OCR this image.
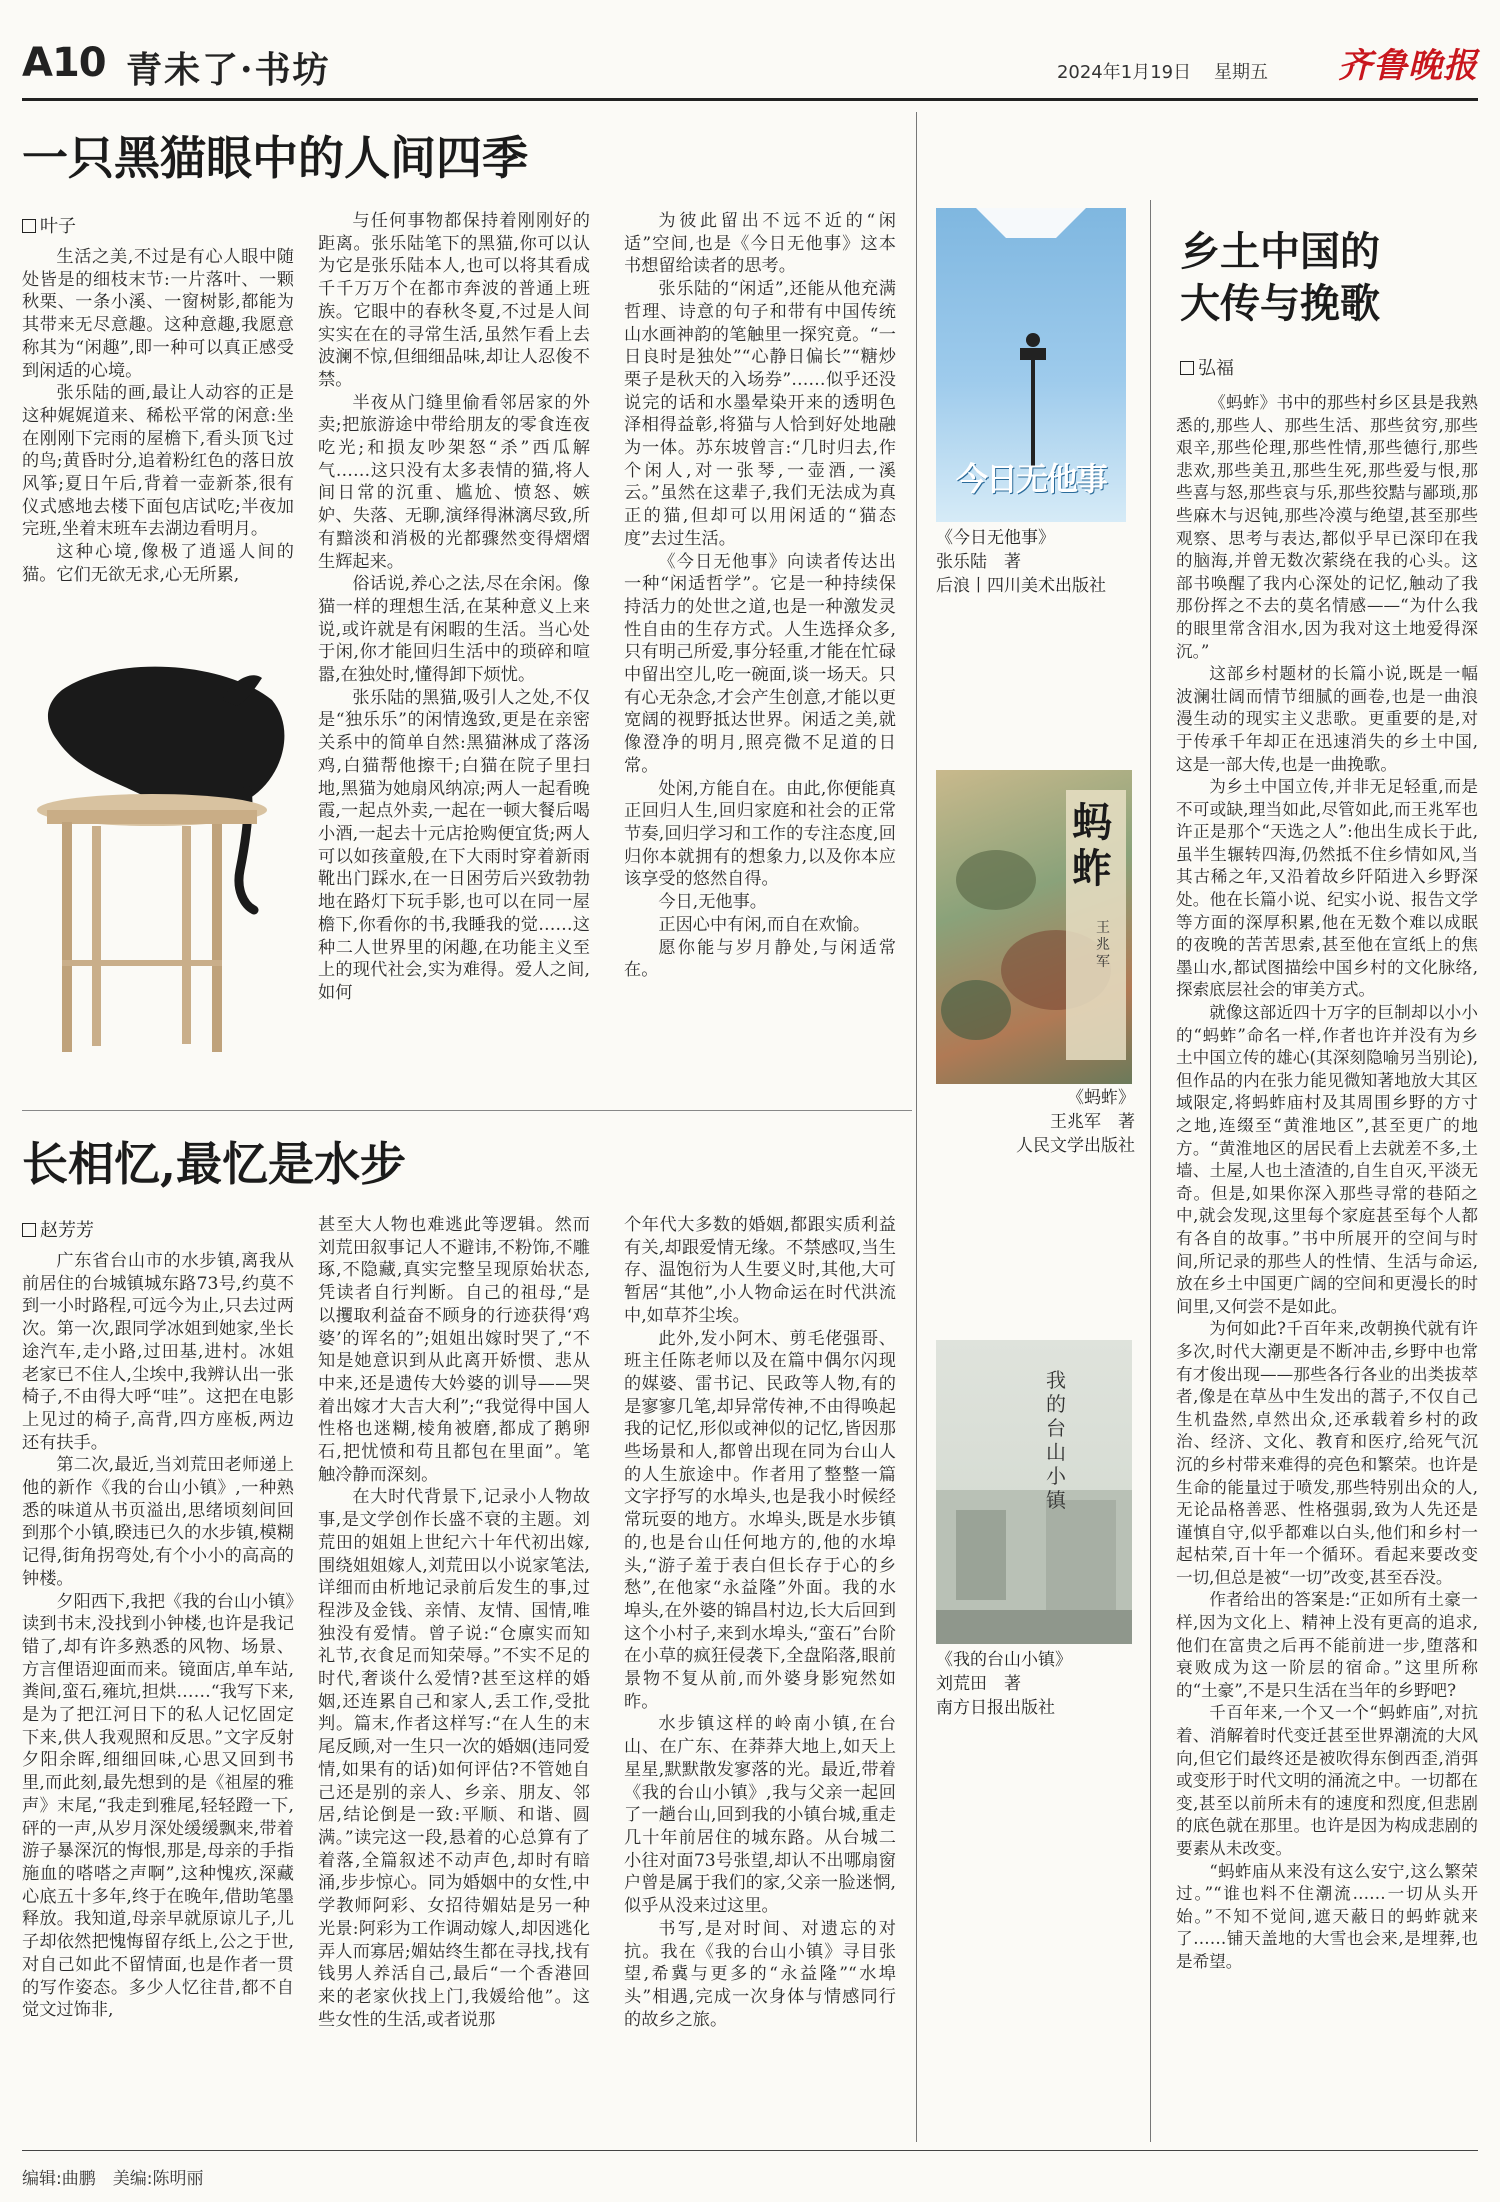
A10 青未了·书坊	2024年1月19日 星期五 齐鲁晚报
一只黑猫眼中的人间四季
叶子

生活之美,不过是有心人眼中随处皆是的细枝末节:一片落叶、一颗秋栗、一条小溪、一窗树影,都能为其带来无尽意趣。这种意趣,我愿意称其为“闲趣”,即一种可以真正感受到闲适的心境。

张乐陆的画,最让人动容的正是这种娓娓道来、稀松平常的闲意:坐在刚刚下完雨的屋檐下,看头顶飞过的鸟;黄昏时分,追着粉红色的落日放风筝;夏日午后,背着一壶新茶,很有仪式感地去楼下面包店试吃;半夜加完班,坐着末班车去湖边看明月。

这种心境,像极了逍遥人间的猫。它们无欲无求,心无所累,

与任何事物都保持着刚刚好的距离。张乐陆笔下的黑猫,你可以认为它是张乐陆本人,也可以将其看成千千万万个在都市奔波的普通上班族。它眼中的春秋冬夏,不过是人间实实在在的寻常生活,虽然乍看上去波澜不惊,但细细品味,却让人忍俊不禁。

半夜从门缝里偷看邻居家的外卖;把旅游途中带给朋友的零食连夜吃光;和损友吵架怒“杀”西瓜解气……这只没有太多表情的猫,将人间日常的沉重、尴尬、愤怒、嫉妒、失落、无聊,演绎得淋漓尽致,所有黯淡和消极的光都骤然变得熠熠生辉起来。

俗话说,养心之法,尽在余闲。像猫一样的理想生活,在某种意义上来说,或许就是有闲暇的生活。当心处于闲,你才能回归生活中的琐碎和喧嚣,在独处时,懂得卸下烦忧。

张乐陆的黑猫,吸引人之处,不仅是“独乐乐”的闲情逸致,更是在亲密关系中的简单自然:黑猫淋成了落汤鸡,白猫帮他擦干;白猫在院子里扫地,黑猫为她扇风纳凉;两人一起看晚霞,一起点外卖,一起在一顿大餐后喝小酒,一起去十元店抢购便宜货;两人可以如孩童般,在下大雨时穿着新雨靴出门踩水,在一日困劳后兴致勃勃地在路灯下玩手影,也可以在同一屋檐下,你看你的书,我睡我的觉……这种二人世界里的闲趣,在功能主义至上的现代社会,实为难得。爱人之间,如何

为彼此留出不远不近的“闲适”空间,也是《今日无他事》这本书想留给读者的思考。

张乐陆的“闲适”,还能从他充满哲理、诗意的句子和带有中国传统山水画神韵的笔触里一探究竟。“一日良时是独处”“心静日偏长”“糖炒栗子是秋天的入场券”……似乎还没说完的话和水墨晕染开来的透明色泽相得益彰,将猫与人恰到好处地融为一体。苏东坡曾言:“几时归去,作个闲人,对一张琴,一壶酒,一溪云。”虽然在这辈子,我们无法成为真正的猫,但却可以用闲适的“猫态度”去过生活。

《今日无他事》向读者传达出一种“闲适哲学”。它是一种持续保持活力的处世之道,也是一种激发灵性自由的生存方式。人生选择众多,只有明己所爱,事分轻重,才能在忙碌中留出空儿,吃一碗面,谈一场天。只有心无杂念,才会产生创意,才能以更宽阔的视野抵达世界。闲适之美,就像澄净的明月,照亮微不足道的日常。

处闲,方能自在。由此,你便能真正回归人生,回归家庭和社会的正常节奏,回归学习和工作的专注态度,回归你本就拥有的想象力,以及你本应该享受的悠然自得。

今日,无他事。

正因心中有闲,而自在欢愉。

愿你能与岁月静处,与闲适常在。

今日无他事
《今日无他事》
张乐陆　著
后浪丨四川美术出版社
蚂蚱
王兆军
《蚂蚱》
王兆军　著
人民文学出版社
我的台山小镇
《我的台山小镇》
刘荒田　著
南方日报出版社
长相忆,最忆是水步
赵芳芳

广东省台山市的水步镇,离我从前居住的台城镇城东路73号,约莫不到一小时路程,可远今为止,只去过两次。第一次,跟同学冰姐到她家,坐长途汽车,走小路,过田基,进村。冰姐老家已不住人,尘埃中,我辨认出一张椅子,不由得大呼“哇”。这把在电影上见过的椅子,高背,四方座板,两边还有扶手。

第二次,最近,当刘荒田老师递上他的新作《我的台山小镇》,一种熟悉的味道从书页溢出,思绪顷刻间回到那个小镇,睽违已久的水步镇,模糊记得,街角拐弯处,有个小小的高高的钟楼。

夕阳西下,我把《我的台山小镇》读到书末,没找到小钟楼,也许是我记错了,却有许多熟悉的风物、场景、方言俚语迎面而来。镜面店,单车站,粪间,蛮石,雍坑,担烘……“我写下来,是为了把江河日下的私人记忆固定下来,供人我观照和反思。”文字反射夕阳余晖,细细回味,心思又回到书里,而此刻,最先想到的是《祖屋的雅声》末尾,“我走到雅尾,轻轻蹬一下,砰的一声,从岁月深处缓缓飘来,带着游子暴深沉的悔恨,那是,母亲的手指施血的嗒嗒之声啊”,这种愧疚,深藏心底五十多年,终于在晚年,借助笔墨释放。我知道,母亲早就原谅儿子,儿子却依然把愧悔留存纸上,公之于世,对自己如此不留情面,也是作者一贯的写作姿态。多少人忆往昔,都不自觉文过饰非,

甚至大人物也难逃此等逻辑。然而刘荒田叙事记人不避讳,不粉饰,不雕琢,不隐藏,真实完整呈现原始状态,凭读者自行判断。自己的祖母,“是以攫取利益奋不顾身的行迹获得‘鸡婆’的诨名的”;姐姐出嫁时哭了,“不知是她意识到从此离开娇惯、悲从中来,还是遗传大妗婆的训导——哭着出嫁才大吉大利”;“我觉得中国人性格也迷糊,棱角被磨,都成了鹅卵石,把忧愤和苟且都包在里面”。笔触冷静而深刻。

在大时代背景下,记录小人物故事,是文学创作长盛不衰的主题。刘荒田的姐姐上世纪六十年代初出嫁,围绕姐姐嫁人,刘荒田以小说家笔法,详细而由析地记录前后发生的事,过程涉及金钱、亲情、友情、国情,唯独没有爱情。曾子说:“仓廪实而知礼节,衣食足而知荣辱。”不实不足的时代,奢谈什么爱情?甚至这样的婚姻,还连累自己和家人,丢工作,受批判。篇末,作者这样写:“在人生的末尾反顾,对一生只一次的婚姻(违同爱情,如果有的话)如何评估?不管她自己还是别的亲人、乡亲、朋友、邻居,结论倒是一致:平顺、和谐、圆满。”读完这一段,悬着的心总算有了着落,全篇叙述不动声色,却时有暗涌,步步惊心。同为婚姻中的女性,中学教师阿彩、女招待媚姑是另一种光景:阿彩为工作调动嫁人,却因逃化弄人而寡居;媚姑终生都在寻找,找有钱男人养活自己,最后“一个香港回来的老家伙找上门,我媛给他”。这些女性的生活,或者说那

个年代大多数的婚姻,都跟实质利益有关,却跟爱情无缘。不禁感叹,当生存、温饱衍为人生要义时,其他,大可暂居“其他”,小人物命运在时代洪流中,如草芥尘埃。

此外,发小阿木、剪毛佬强哥、班主任陈老师以及在篇中偶尔闪现的媒婆、雷书记、民政等人物,有的是寥寥几笔,却异常传神,不由得唤起我的记忆,形似或神似的记忆,皆因那些场景和人,都曾出现在同为台山人的人生旅途中。作者用了整整一篇文字抒写的水埠头,也是我小时候经常玩耍的地方。水埠头,既是水步镇的,也是台山任何地方的,他的水埠头,“游子羞于表白但长存于心的乡愁”,在他家“永益隆”外面。我的水埠头,在外婆的锦昌村边,长大后回到这个小村子,来到水埠头,“蛮石”台阶在小草的疯狂侵袭下,全盘陷落,眼前景物不复从前,而外婆身影宛然如昨。

水步镇这样的岭南小镇,在台山、在广东、在莽莽大地上,如天上星星,默默散发寥落的光。最近,带着《我的台山小镇》,我与父亲一起回了一趟台山,回到我的小镇台城,重走几十年前居住的城东路。从台城二小往对面73号张望,却认不出哪扇窗户曾是属于我们的家,父亲一脸迷惘,似乎从没来过这里。

书写,是对时间、对遗忘的对抗。我在《我的台山小镇》寻目张望,希冀与更多的“永益隆”“水埠头”相遇,完成一次身体与情感同行的故乡之旅。

乡土中国的
大传与挽歌
弘福

《蚂蚱》书中的那些村乡区县是我熟悉的,那些人、那些生活、那些贫穷,那些艰辛,那些伦理,那些性情,那些德行,那些悲欢,那些美丑,那些生死,那些爱与恨,那些喜与怒,那些哀与乐,那些狡黠与鄙琐,那些麻木与迟钝,那些冷漠与绝望,甚至那些观察、思考与表达,都似乎早已深印在我的脑海,并曾无数次萦绕在我的心头。这部书唤醒了我内心深处的记忆,触动了我那份挥之不去的莫名情感——“为什么我的眼里常含泪水,因为我对这土地爱得深沉。”

这部乡村题材的长篇小说,既是一幅波澜壮阔而情节细腻的画卷,也是一曲浪漫生动的现实主义悲歌。更重要的是,对于传承千年却正在迅速消失的乡土中国,这是一部大传,也是一曲挽歌。

为乡土中国立传,并非无足轻重,而是不可或缺,理当如此,尽管如此,而王兆军也许正是那个“天选之人”:他出生成长于此,虽半生辗转四海,仍然抵不住乡情如风,当其古稀之年,又沿着故乡阡陌进入乡野深处。他在长篇小说、纪实小说、报告文学等方面的深厚积累,他在无数个难以成眠的夜晚的苦苦思索,甚至他在宣纸上的焦墨山水,都试图描绘中国乡村的文化脉络,探索底层社会的审美方式。

就像这部近四十万字的巨制却以小小的“蚂蚱”命名一样,作者也许并没有为乡土中国立传的雄心(其深刻隐喻另当别论),但作品的内在张力能见微知著地放大其区域限定,将蚂蚱庙村及其周围乡野的方寸之地,连缀至“黄淮地区”,甚至更广的地方。“黄淮地区的居民看上去就差不多,土墙、土屋,人也土渣渣的,自生自灭,平淡无奇。但是,如果你深入那些寻常的巷陌之中,就会发现,这里每个家庭甚至每个人都有各自的故事。”书中所展开的空间与时间,所记录的那些人的性情、生活与命运,放在乡土中国更广阔的空间和更漫长的时间里,又何尝不是如此。

为何如此?千百年来,改朝换代就有许多次,时代大潮更是不断冲击,乡野中也常有才俊出现——那些各行各业的出类拔萃者,像是在草丛中生发出的蒿子,不仅自己生机盎然,卓然出众,还承载着乡村的政治、经济、文化、教育和医疗,给死气沉沉的乡村带来难得的亮色和繁荣。也许是生命的能量过于喷发,那些特别出众的人,无论品格善恶、性格强弱,致为人先还是谨慎自守,似乎都难以白头,他们和乡村一起枯荣,百十年一个循环。看起来要改变一切,但总是被“一切”改变,甚至吞没。

作者给出的答案是:“正如所有土豪一样,因为文化上、精神上没有更高的追求,他们在富贵之后再不能前进一步,堕落和衰败成为这一阶层的宿命。”这里所称的“土豪”,不是只生活在当年的乡野吧?

千百年来,一个又一个“蚂蚱庙”,对抗着、消解着时代变迁甚至世界潮流的大风向,但它们最终还是被吹得东倒西歪,消弭或变形于时代文明的涌流之中。一切都在变,甚至以前所未有的速度和烈度,但悲剧的底色就在那里。也许是因为构成悲剧的要素从未改变。

“蚂蚱庙从来没有这么安宁,这么繁荣过。”“谁也料不住潮流……一切从头开始。”不知不觉间,遮天蔽日的蚂蚱就来了……铺天盖地的大雪也会来,是埋葬,也是希望。

编辑:曲鹏　美编:陈明丽
